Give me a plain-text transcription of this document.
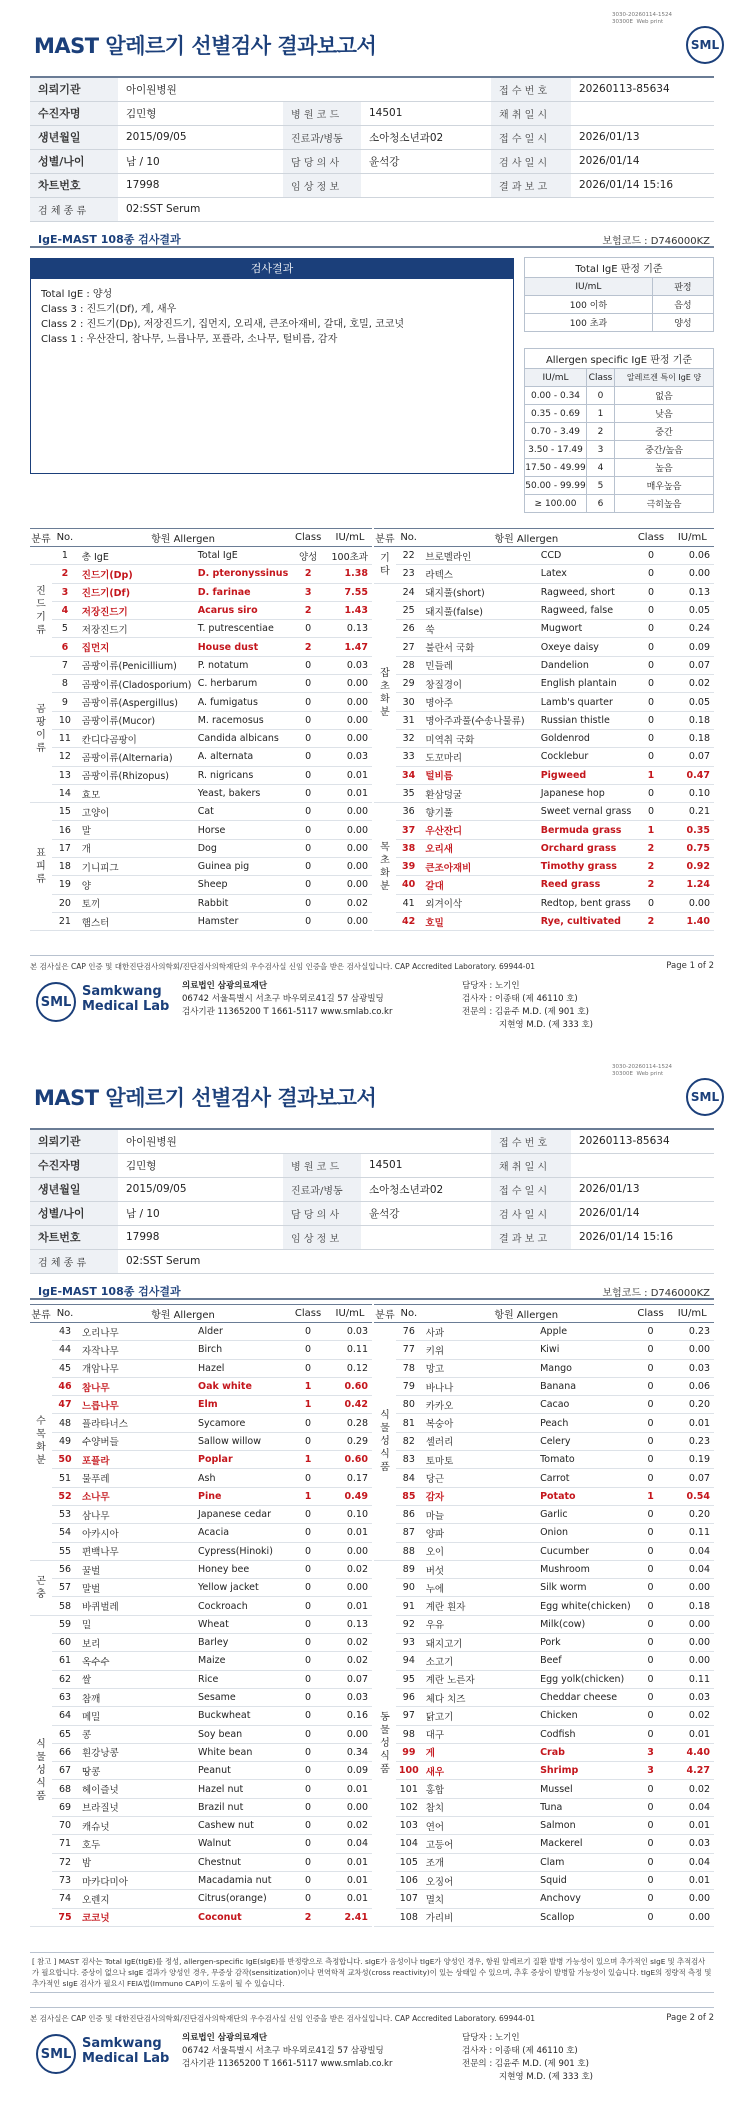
3030-20260114-1524
30300E  Web print
MAST 알레르기 선별검사 결과보고서	SML
의뢰기관	아이원병원			접 수 번 호	20260113-85634
수진자명	김민형	병 원 코 드	14501	채 취 일 시	
생년월일	2015/09/05	진료과/병동	소아청소년과02	접 수 일 시	2026/01/13
성별/나이	남 / 10	담 당 의 사	윤석강	검 사 일 시	2026/01/14
차트번호	17998	임 상 정 보		결 과 보 고	2026/01/14 15:16
검 체 종 류	02:SST Serum				
IgE-MAST 108종 검사결과	보험코드 : D746000KZ
검사결과
Total IgE : 양성
Class 3 : 진드기(Df), 게, 새우
Class 2 : 진드기(Dp), 저장진드기, 집먼지, 오리새, 큰조아재비, 갈대, 호밀, 코코넛
Class 1 : 우산잔디, 참나무, 느릅나무, 포플라, 소나무, 털비름, 감자
Total IgE 판정 기준	
IU/mL	판정
100 이하	음성
100 초과	양성
Allergen specific IgE 판정 기준		
IU/mL	Class	알레르겐 특이 IgE 양
0.00 - 0.34	0	없음
0.35 - 0.69	1	낮음
0.70 - 3.49	2	중간
3.50 - 17.49	3	중간/높음
17.50 - 49.99	4	높음
50.00 - 99.99	5	매우높음
≥ 100.00	6	극히높음
분류	No.	항원 Allergen		Class	IU/mL
	1	총 IgE	Total IgE	양성	100초과
진드기류	2	진드기(Dp)	D. pteronyssinus	2	1.38
	3	진드기(Df)	D. farinae	3	7.55
	4	저장진드기	Acarus siro	2	1.43
	5	저장진드기	T. putrescentiae	0	0.13
	6	집먼지	House dust	2	1.47
곰팡이류	7	곰팡이류(Penicillium)	P. notatum	0	0.03
	8	곰팡이류(Cladosporium)	C. herbarum	0	0.00
	9	곰팡이류(Aspergillus)	A. fumigatus	0	0.00
	10	곰팡이류(Mucor)	M. racemosus	0	0.00
	11	칸디다곰팡이	Candida albicans	0	0.00
	12	곰팡이류(Alternaria)	A. alternata	0	0.03
	13	곰팡이류(Rhizopus)	R. nigricans	0	0.01
	14	효모	Yeast, bakers	0	0.01
표피류	15	고양이	Cat	0	0.00
	16	말	Horse	0	0.00
	17	개	Dog	0	0.00
	18	기니피그	Guinea pig	0	0.00
	19	양	Sheep	0	0.00
	20	토끼	Rabbit	0	0.02
	21	햄스터	Hamster	0	0.00
분류	No.	항원 Allergen		Class	IU/mL
기타	22	브로멜라인	CCD	0	0.06
	23	라텍스	Latex	0	0.00
잡초화분	24	돼지풀(short)	Ragweed, short	0	0.13
	25	돼지풀(false)	Ragweed, false	0	0.05
	26	쑥	Mugwort	0	0.24
	27	불란서 국화	Oxeye daisy	0	0.09
	28	민들레	Dandelion	0	0.07
	29	창질경이	English plantain	0	0.02
	30	명아주	Lamb's quarter	0	0.05
	31	명아주과풀(수송나물류)	Russian thistle	0	0.18
	32	미역취 국화	Goldenrod	0	0.18
	33	도꼬마리	Cocklebur	0	0.07
	34	털비름	Pigweed	1	0.47
	35	환삼덩굴	Japanese hop	0	0.10
목초화분	36	향기풀	Sweet vernal grass	0	0.21
	37	우산잔디	Bermuda grass	1	0.35
	38	오리새	Orchard grass	2	0.75
	39	큰조아재비	Timothy grass	2	0.92
	40	갈대	Reed grass	2	1.24
	41	외겨이삭	Redtop, bent grass	0	0.00
	42	호밀	Rye, cultivated	2	1.40
본 검사실은 CAP 인증 및 대한진단검사의학회/진단검사의학재단의 우수검사실 신임 인증을 받은 검사실입니다. CAP Accredited Laboratory. 69944-01	Page 1 of 2
SML
Samkwang
Medical Lab
의료법인 삼광의료재단
06742 서울특별시 서초구 바우뫼로41길 57 삼광빌딩
검사기관 11365200 T 1661-5117 www.smlab.co.kr
담당자 : 노기인
검사자 : 이종태 (제 46110 호)
전문의 : 김윤주 M.D. (제 901 호)
지현영 M.D. (제 333 호)
3030-20260114-1524
30300E  Web print
MAST 알레르기 선별검사 결과보고서	SML
의뢰기관	아이원병원			접 수 번 호	20260113-85634
수진자명	김민형	병 원 코 드	14501	채 취 일 시	
생년월일	2015/09/05	진료과/병동	소아청소년과02	접 수 일 시	2026/01/13
성별/나이	남 / 10	담 당 의 사	윤석강	검 사 일 시	2026/01/14
차트번호	17998	임 상 정 보		결 과 보 고	2026/01/14 15:16
검 체 종 류	02:SST Serum				
IgE-MAST 108종 검사결과	보험코드 : D746000KZ
분류	No.	항원 Allergen		Class	IU/mL
수목화분	43	오리나무	Alder	0	0.03
	44	자작나무	Birch	0	0.11
	45	개암나무	Hazel	0	0.12
	46	참나무	Oak white	1	0.60
	47	느릅나무	Elm	1	0.42
	48	플라타너스	Sycamore	0	0.28
	49	수양버들	Sallow willow	0	0.29
	50	포플라	Poplar	1	0.60
	51	물푸레	Ash	0	0.17
	52	소나무	Pine	1	0.49
	53	삼나무	Japanese cedar	0	0.10
	54	아카시아	Acacia	0	0.01
	55	편백나무	Cypress(Hinoki)	0	0.00
곤충	56	꿀벌	Honey bee	0	0.02
	57	말벌	Yellow jacket	0	0.00
	58	바퀴벌레	Cockroach	0	0.01
식물성식품	59	밀	Wheat	0	0.13
	60	보리	Barley	0	0.02
	61	옥수수	Maize	0	0.02
	62	쌀	Rice	0	0.07
	63	참깨	Sesame	0	0.03
	64	메밀	Buckwheat	0	0.16
	65	콩	Soy bean	0	0.00
	66	흰강낭콩	White bean	0	0.34
	67	땅콩	Peanut	0	0.09
	68	헤이즐넛	Hazel nut	0	0.01
	69	브라질넛	Brazil nut	0	0.00
	70	캐슈넛	Cashew nut	0	0.02
	71	호두	Walnut	0	0.04
	72	밤	Chestnut	0	0.01
	73	마카다미아	Macadamia nut	0	0.01
	74	오렌지	Citrus(orange)	0	0.01
	75	코코넛	Coconut	2	2.41
분류	No.	항원 Allergen		Class	IU/mL
식물성식품	76	사과	Apple	0	0.23
	77	키위	Kiwi	0	0.00
	78	망고	Mango	0	0.03
	79	바나나	Banana	0	0.06
	80	카카오	Cacao	0	0.20
	81	복숭아	Peach	0	0.01
	82	셀러리	Celery	0	0.23
	83	토마토	Tomato	0	0.19
	84	당근	Carrot	0	0.07
	85	감자	Potato	1	0.54
	86	마늘	Garlic	0	0.20
	87	양파	Onion	0	0.11
	88	오이	Cucumber	0	0.04
동물성식품	89	버섯	Mushroom	0	0.04
	90	누에	Silk worm	0	0.00
	91	계란 흰자	Egg white(chicken)	0	0.18
	92	우유	Milk(cow)	0	0.00
	93	돼지고기	Pork	0	0.00
	94	소고기	Beef	0	0.00
	95	계란 노른자	Egg yolk(chicken)	0	0.11
	96	체다 치즈	Cheddar cheese	0	0.03
	97	닭고기	Chicken	0	0.02
	98	대구	Codfish	0	0.01
	99	게	Crab	3	4.40
	100	새우	Shrimp	3	4.27
	101	홍합	Mussel	0	0.02
	102	참치	Tuna	0	0.04
	103	연어	Salmon	0	0.01
	104	고등어	Mackerel	0	0.03
	105	조개	Clam	0	0.04
	106	오징어	Squid	0	0.01
	107	멸치	Anchovy	0	0.00
	108	가리비	Scallop	0	0.00
[ 참고 ] MAST 검사는 Total IgE(tIgE)를 정성, allergen-specific IgE(sIgE)를 반정량으로 측정합니다. sIgE가 음성이나 tIgE가 양성인 경우, 항원 알레르기 질환 발병 가능성이 있으며 추가적인 sIgE 및 추적검사가 필요합니다. 증상이 없으나 sIgE 결과가 양성인 경우, 무증상 감작(sensitization)이나 면역학적 교차성(cross reactivity)이 있는 상태일 수 있으며, 추후 증상이 발병할 가능성이 있습니다. tIgE의 정량적 측정 및 추가적인 sIgE 검사가 필요시 FEIA법(Immuno CAP)이 도움이 될 수 있습니다.
본 검사실은 CAP 인증 및 대한진단검사의학회/진단검사의학재단의 우수검사실 신임 인증을 받은 검사실입니다. CAP Accredited Laboratory. 69944-01	Page 2 of 2
SML
Samkwang
Medical Lab
의료법인 삼광의료재단
06742 서울특별시 서초구 바우뫼로41길 57 삼광빌딩
검사기관 11365200 T 1661-5117 www.smlab.co.kr
담당자 : 노기인
검사자 : 이종태 (제 46110 호)
전문의 : 김윤주 M.D. (제 901 호)
지현영 M.D. (제 333 호)
